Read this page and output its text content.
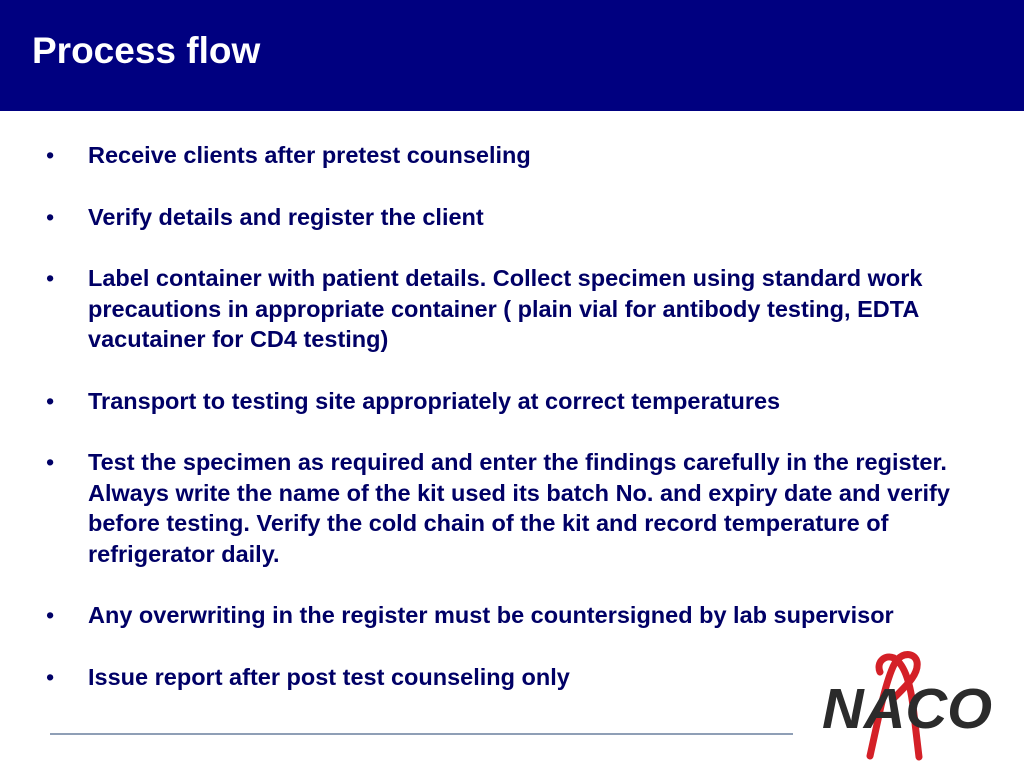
Process flow
• Receive clients after pretest counseling
• Verify details and register the client
• Label container with patient details. Collect specimen using standard work precautions in appropriate container ( plain vial for antibody testing, EDTA vacutainer for CD4 testing)
• Transport to testing site appropriately at correct temperatures
• Test the specimen as required and enter the findings carefully in the register. Always write the name of the kit used its batch No. and expiry date and verify before testing. Verify the cold chain of the kit and record temperature of refrigerator daily.
• Any overwriting in the register must be countersigned by lab supervisor
• Issue report after post test counseling only
NACO
